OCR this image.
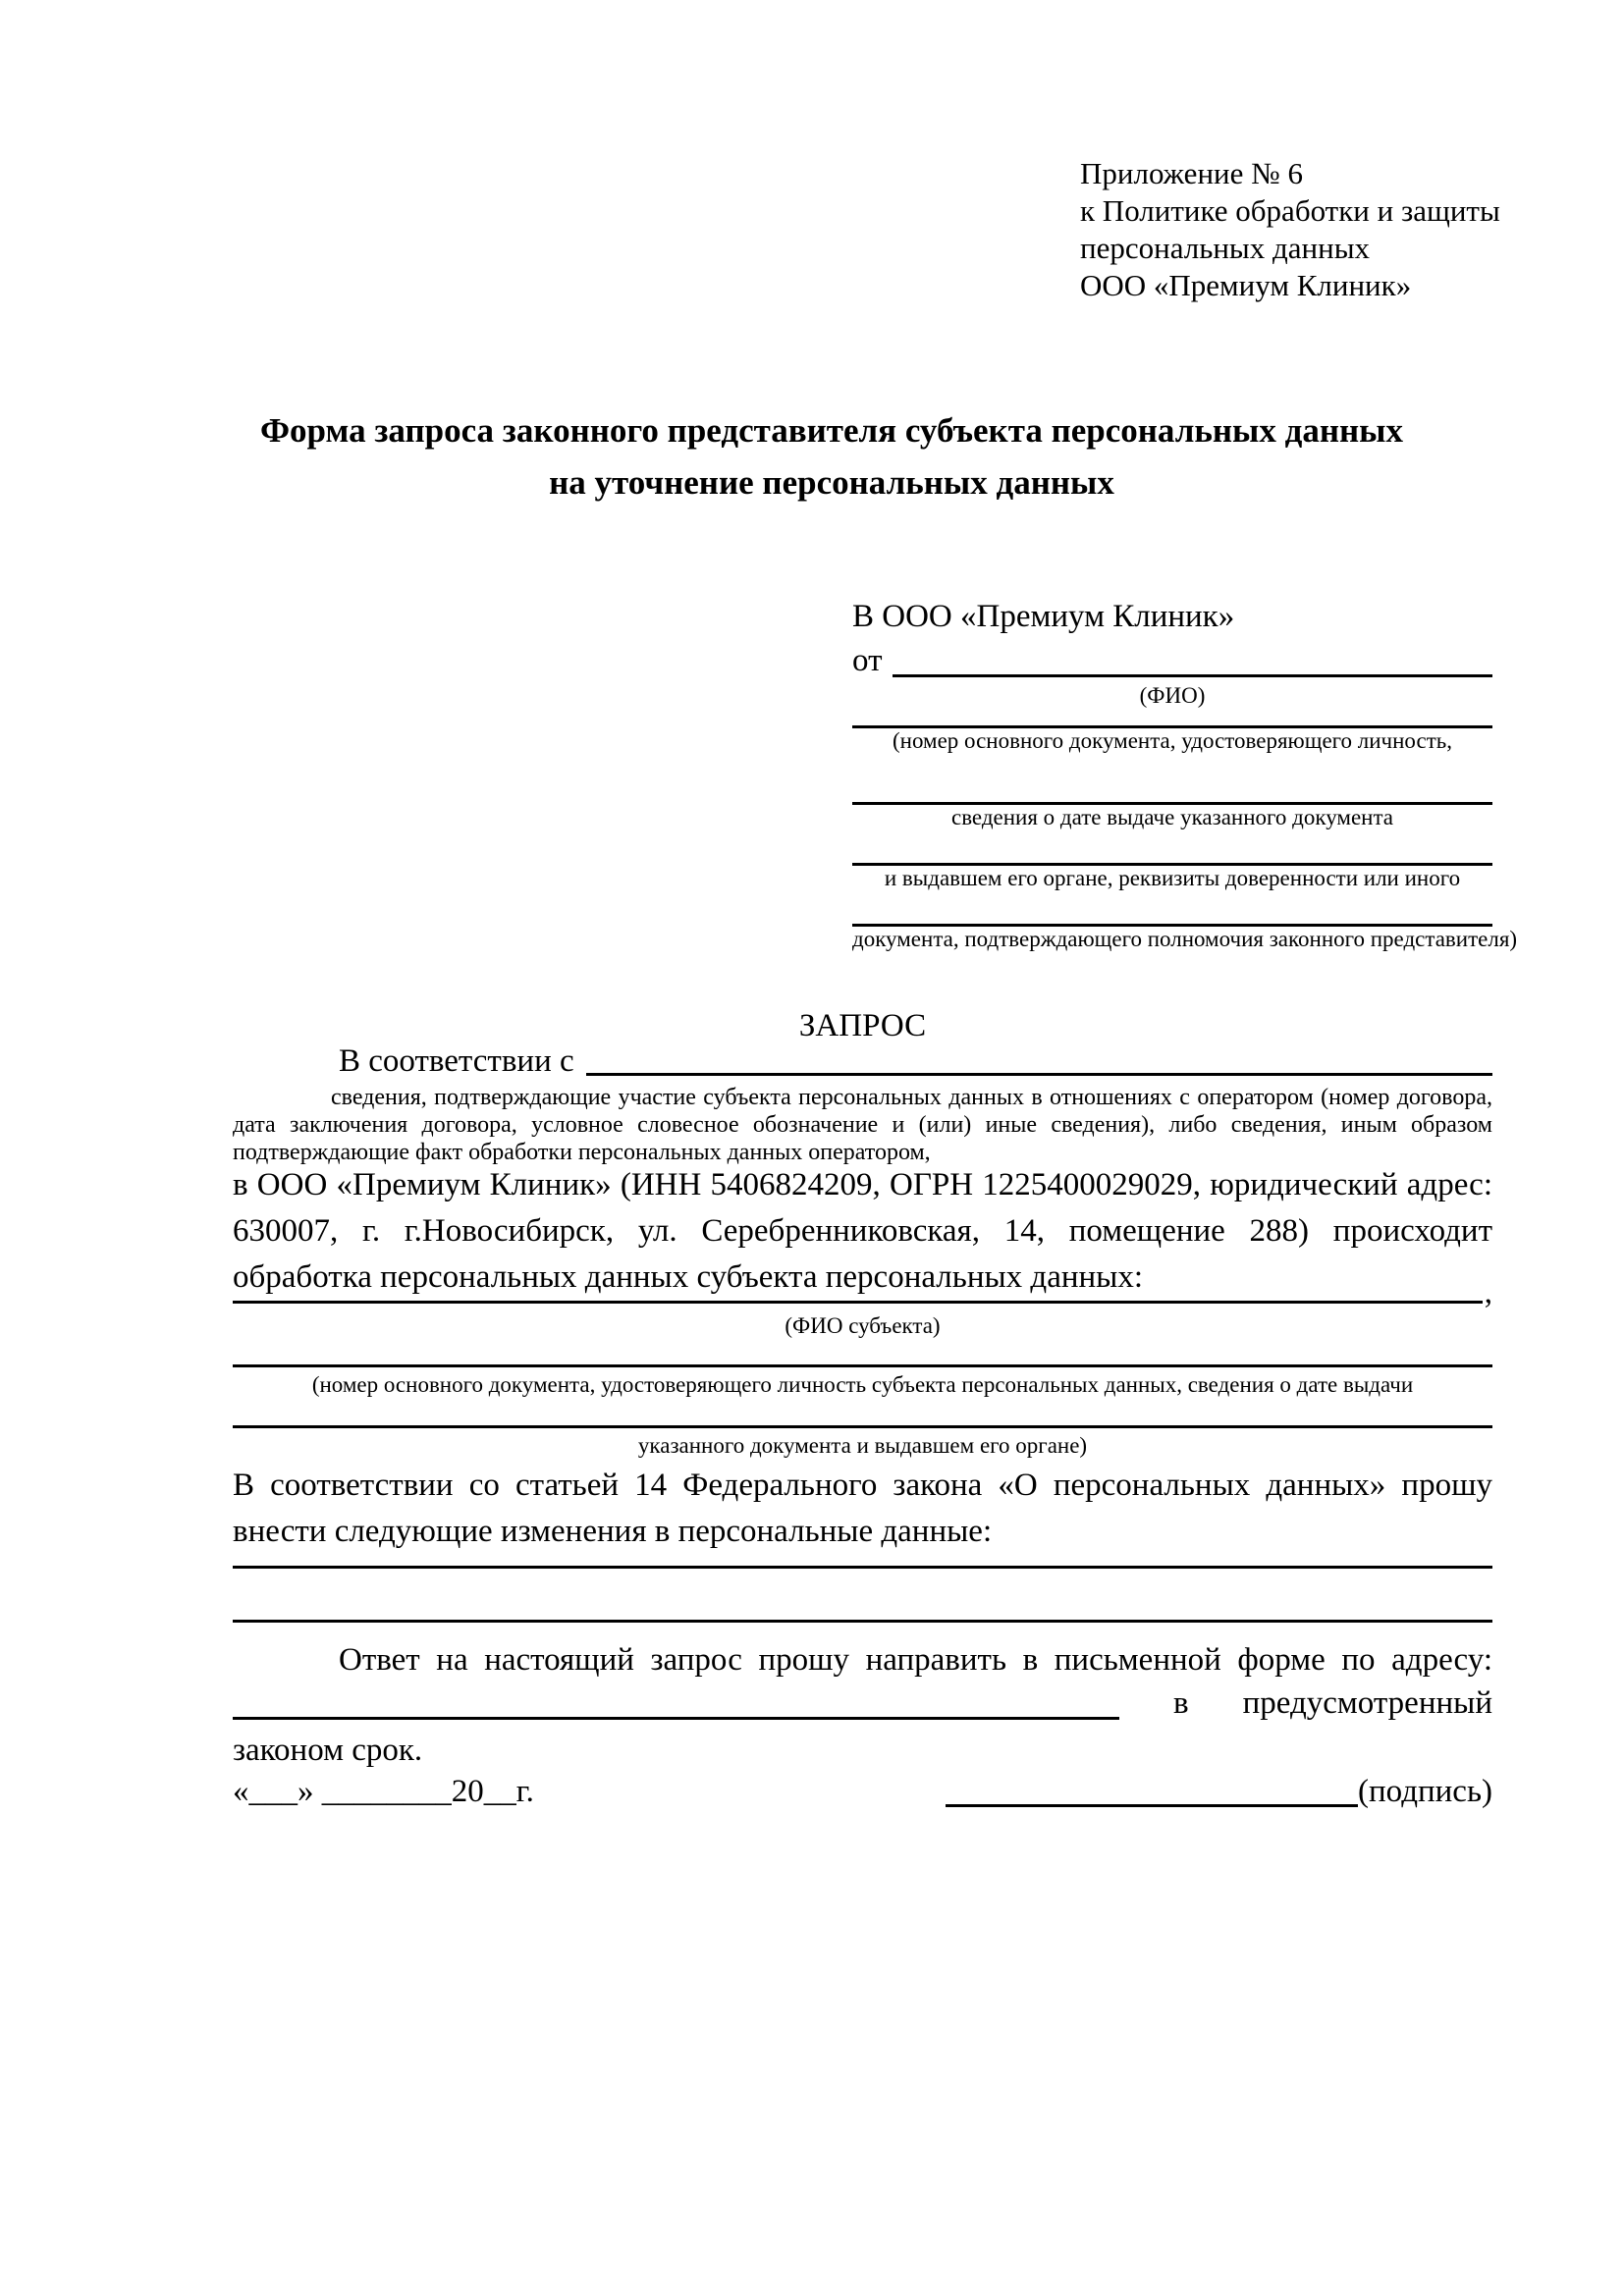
Приложение № 6
к Политике обработки и защиты
персональных данных
ООО «Премиум Клиник»
Форма запроса законного представителя субъекта персональных данных
на уточнение персональных данных
В ООО «Премиум Клиник»
от
(ФИО)
(номер основного документа, удостоверяющего личность,
сведения о дате выдаче указанного документа
и выдавшем его органе, реквизиты доверенности или иного
документа, подтверждающего полномочия законного представителя)
ЗАПРОС
В соответствии с
сведения, подтверждающие участие субъекта персональных данных в отношениях с оператором (номер договора, дата заключения договора, условное словесное обозначение и (или) иные сведения), либо сведения, иным образом подтверждающие факт обработки персональных данных оператором,
в ООО «Премиум Клиник» (ИНН 5406824209, ОГРН 1225400029029, юридический адрес: 630007, г. г.Новосибирск, ул. Серебренниковская, 14, помещение 288) происходит обработка персональных данных субъекта персональных данных:	,
(ФИО субъекта)
(номер основного документа, удостоверяющего личность субъекта персональных данных, сведения о дате выдачи
указанного документа и выдавшем его органе)
В соответствии со статьей 14 Федерального закона «О персональных данных» прошу внести следующие изменения в персональные данные:
Ответ на настоящий запрос прошу направить в письменной форме по адресу:
в предусмотренный
законом срок.
«___» ________20__г.	(подпись)
